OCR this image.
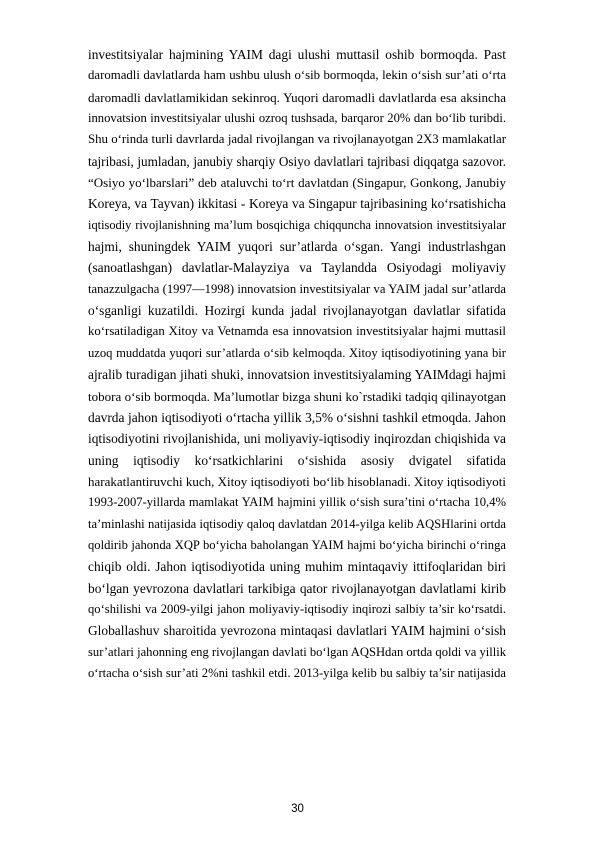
investitsiyalar hajmining YAIM dagi ulushi muttasil oshib bormoqda. Past
daromadli davlatlarda ham ushbu ulush o‘sib bormoqda, lekin o‘sish sur’ati o‘rta
daromadli davlatlamikidan sekinroq. Yuqori daromadli davlatlarda esa aksincha
innovatsion investitsiyalar ulushi ozroq tushsada, barqaror 20% dan bo‘lib turibdi.
Shu o‘rinda turli davrlarda jadal rivojlangan va rivojlanayotgan 2X3 mamlakatlar
tajribasi, jumladan, janubiy sharqiy Osiyo davlatlari tajribasi diqqatga sazovor.
“Osiyo yo‘lbarslari” deb ataluvchi to‘rt davlatdan (Singapur, Gonkong, Janubiy
Koreya, va Tayvan) ikkitasi - Koreya va Singapur tajribasining ko‘rsatishicha
iqtisodiy rivojlanishning ma’lum bosqichiga chiqquncha innovatsion investitsiyalar
hajmi, shuningdek YAIM yuqori sur’atlarda o‘sgan. Yangi industrlashgan
(sanoatlashgan) davlatlar-Malayziya va Taylandda Osiyodagi moliyaviy
tanazzulgacha (1997—1998) innovatsion investitsiyalar va YAIM jadal sur’atlarda
o‘sganligi kuzatildi. Hozirgi kunda jadal rivojlanayotgan davlatlar sifatida
ko‘rsatiladigan Xitoy va Vetnamda esa innovatsion investitsiyalar hajmi muttasil
uzoq muddatda yuqori sur’atlarda o‘sib kelmoqda. Xitoy iqtisodiyotining yana bir
ajralib turadigan jihati shuki, innovatsion investitsiyalaming YAIMdagi hajmi
tobora o‘sib bormoqda. Ma’lumotlar bizga shuni ko`rstadiki tadqiq qilinayotgan
davrda jahon iqtisodiyoti o‘rtacha yillik 3,5% o‘sishni tashkil etmoqda. Jahon
iqtisodiyotini rivojlanishida, uni moliyaviy-iqtisodiy inqirozdan chiqishida va
uning iqtisodiy ko‘rsatkichlarini o‘sishida asosiy dvigatel sifatida
harakatlantiruvchi kuch, Xitoy iqtisodiyoti bo‘lib hisoblanadi. Xitoy iqtisodiyoti
1993-2007-yillarda mamlakat YAIM hajmini yillik o‘sish sura’tini o‘rtacha 10,4%
ta’minlashi natijasida iqtisodiy qaloq davlatdan 2014-yilga kelib AQSHlarini ortda
qoldirib jahonda XQP bo‘yicha baholangan YAIM hajmi bo‘yicha birinchi o‘ringa
chiqib oldi. Jahon iqtisodiyotida uning muhim mintaqaviy ittifoqlaridan biri
bo‘lgan yevrozona davlatlari tarkibiga qator rivojlanayotgan davlatlami kirib
qo‘shilishi va 2009-yilgi jahon moliyaviy-iqtisodiy inqirozi salbiy ta’sir ko‘rsatdi.
Globallashuv sharoitida yevrozona mintaqasi davlatlari YAIM hajmini o‘sish
sur’atlari jahonning eng rivojlangan davlati bo‘lgan AQSHdan ortda qoldi va yillik
o‘rtacha o‘sish sur’ati 2%ni tashkil etdi. 2013-yilga kelib bu salbiy ta’sir natijasida
30
